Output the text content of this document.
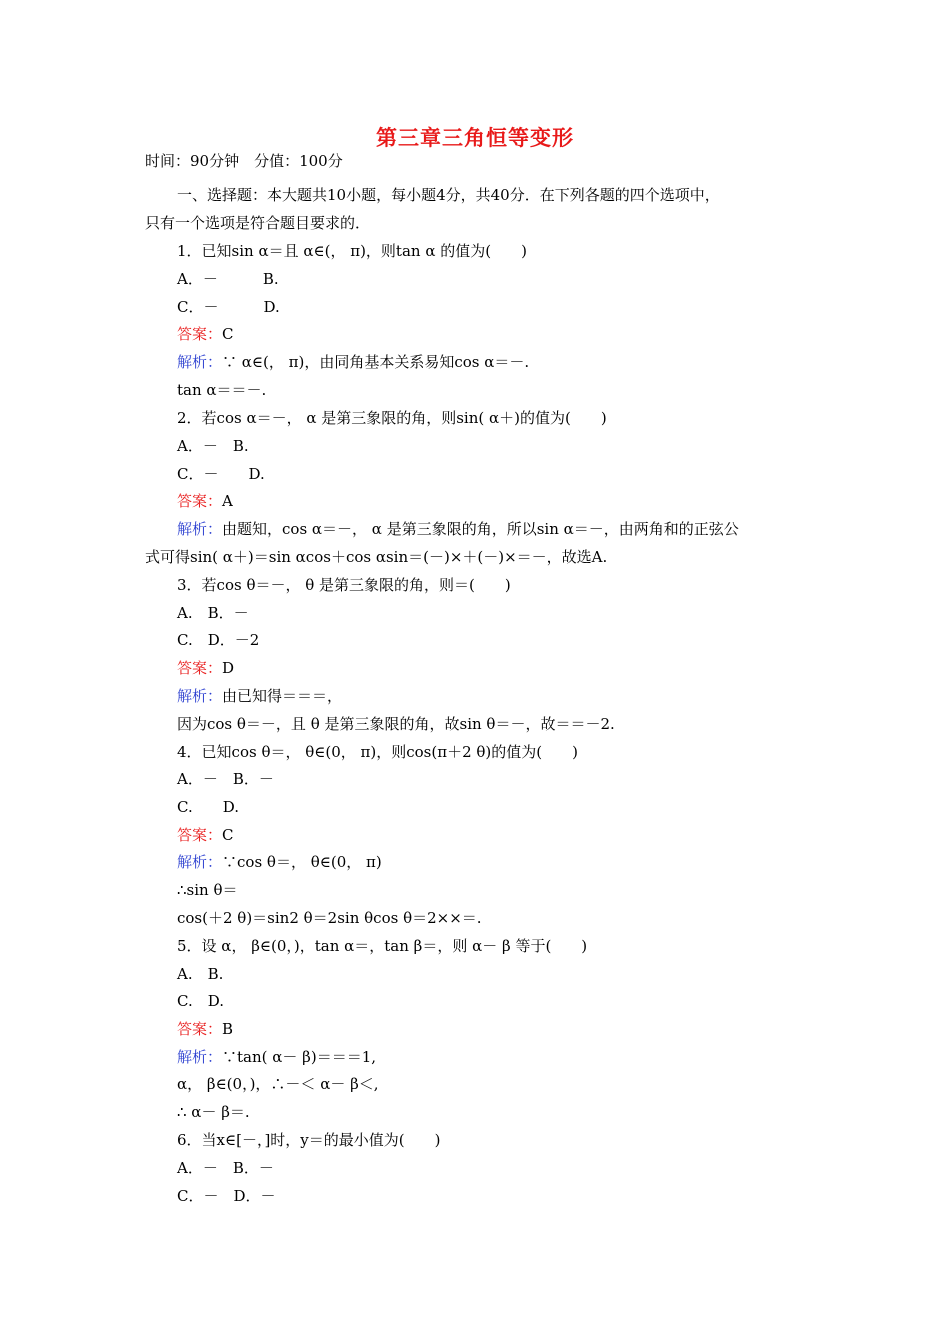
第三章三角恒等变形
时间：90分钟　分值：100分
一、选择题：本大题共10小题，每小题4分，共40分．在下列各题的四个选项中，
只有一个选项是符合题目要求的．
1．已知sin α＝且 α∈(， π)，则tan α 的值为(　　)
A．－　　　B.
C．－　　　D.
答案：C
解析：∵ α∈(， π)，由同角基本关系易知cos α＝－.
tan α＝＝－.
2．若cos α＝－， α 是第三象限的角，则sin( α＋)的值为(　　)
A．－　B.
C．－　　D.
答案：A
解析：由题知，cos α＝－， α 是第三象限的角，所以sin α＝－，由两角和的正弦公
式可得sin( α＋)＝sin αcos＋cos αsin＝(－)×＋(－)×＝－，故选A.
3．若cos θ＝－， θ 是第三象限的角，则＝(　　)
A.　B．－
C.　D．－2
答案：D
解析：由已知得＝＝＝，
因为cos θ＝－，且 θ 是第三象限的角，故sin θ＝－，故＝＝－2.
4．已知cos θ＝， θ∈(0， π)，则cos(π＋2 θ)的值为(　　)
A．－　B．－
C.　　D.
答案：C
解析：∵cos θ＝， θ∈(0， π)
∴sin θ＝
cos(＋2 θ)＝sin2 θ＝2sin θcos θ＝2××＝.
5．设 α， β∈(0，)，tan α＝，tan β＝，则 α－ β 等于(　　)
A.　B.
C.　D.
答案：B
解析：∵tan( α－ β)＝＝＝1,
α， β∈(0，)，∴－＜ α－ β＜,
∴ α－ β＝.
6．当x∈[－，]时，y＝的最小值为(　　)
A．－　B．－
C．－　D．－
